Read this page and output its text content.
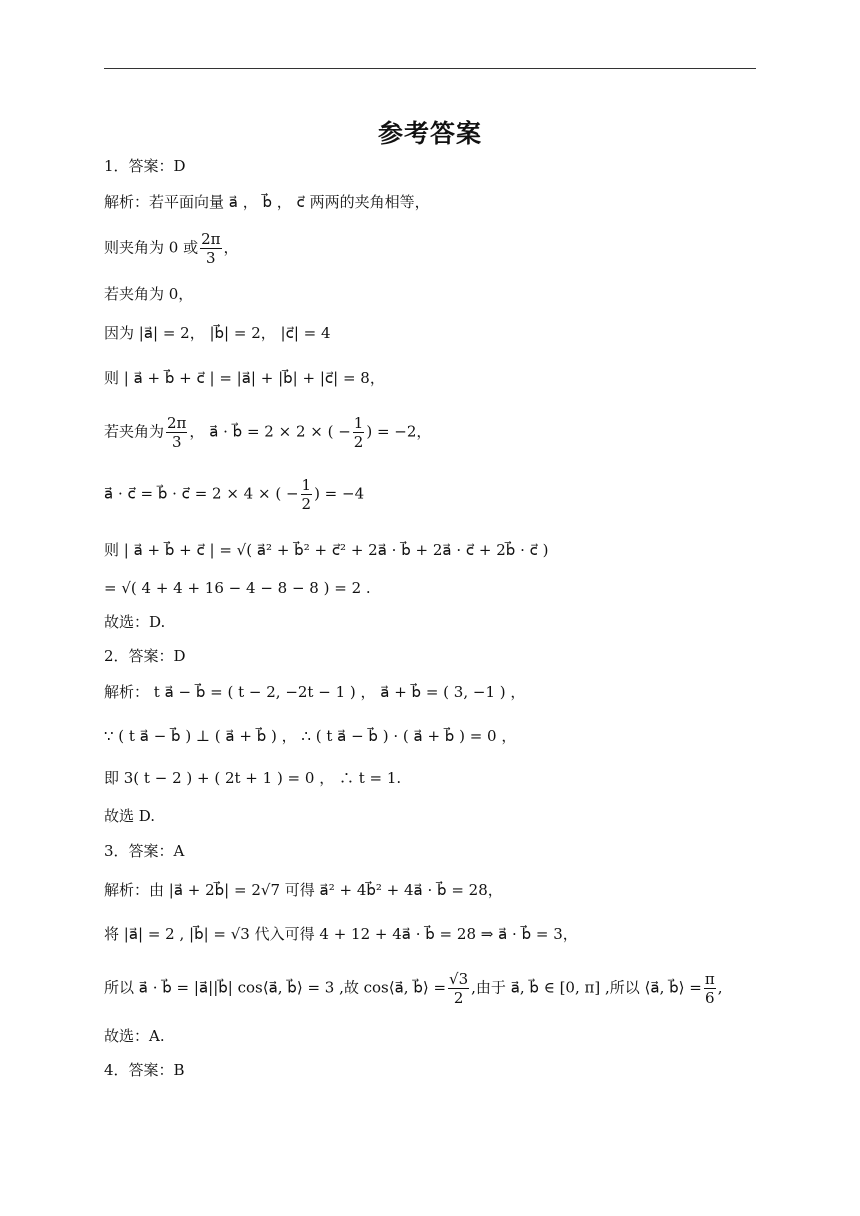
参考答案
1．答案：D
解析：若平面向量 a⃗ ， b⃗ ， c⃗ 两两的夹角相等，
则夹角为 0 或 $\frac{2\pi}{3}$ ，
若夹角为 0，
因为 |a⃗| = 2， |b⃗| = 2， |c⃗| = 4
则 | a⃗ + b⃗ + c⃗ | = |a⃗| + |b⃗| + |c⃗| = 8，
若夹角为 $\frac{2\pi}{3}$ ， a⃗ · b⃗ = 2 × 2 × ( − $\frac{1}{2}$ ) = −2，
a⃗ · c⃗ = b⃗ · c⃗ = 2 × 4 × ( − $\frac{1}{2}$ ) = −4
则 | a⃗ + b⃗ + c⃗ | = √( a⃗² + b⃗² + c⃗² + 2a⃗ · b⃗ + 2a⃗ · c⃗ + 2b⃗ · c⃗ )
= √( 4 + 4 + 16 − 4 − 8 − 8 ) = 2 .
故选：D.
2．答案：D
解析： t a⃗ − b⃗ = ( t − 2, −2t − 1 ) ， a⃗ + b⃗ = ( 3, −1 ) ，
∵ ( t a⃗ − b⃗ ) ⊥ ( a⃗ + b⃗ ) ， ∴ ( t a⃗ − b⃗ ) · ( a⃗ + b⃗ ) = 0 ，
即 3( t − 2 ) + ( 2t + 1 ) = 0 ， ∴ t = 1.
故选 D.
3．答案：A
解析：由 |a⃗ + 2b⃗| = 2√7 可得 a⃗² + 4b⃗² + 4a⃗ · b⃗ = 28，
将 |a⃗| = 2 , |b⃗| = √3 代入可得 4 + 12 + 4a⃗ · b⃗ = 28 ⇒ a⃗ · b⃗ = 3，
所以 a⃗ · b⃗ = |a⃗||b⃗| cos⟨a⃗, b⃗⟩ = 3 ,故 cos⟨a⃗, b⃗⟩ = $\frac{√3}{2}$ ,由于 a⃗, b⃗ ∈ [0, π] ,所以 ⟨a⃗, b⃗⟩ = $\frac{\pi}{6}$ ,
故选：A.
4．答案：B
